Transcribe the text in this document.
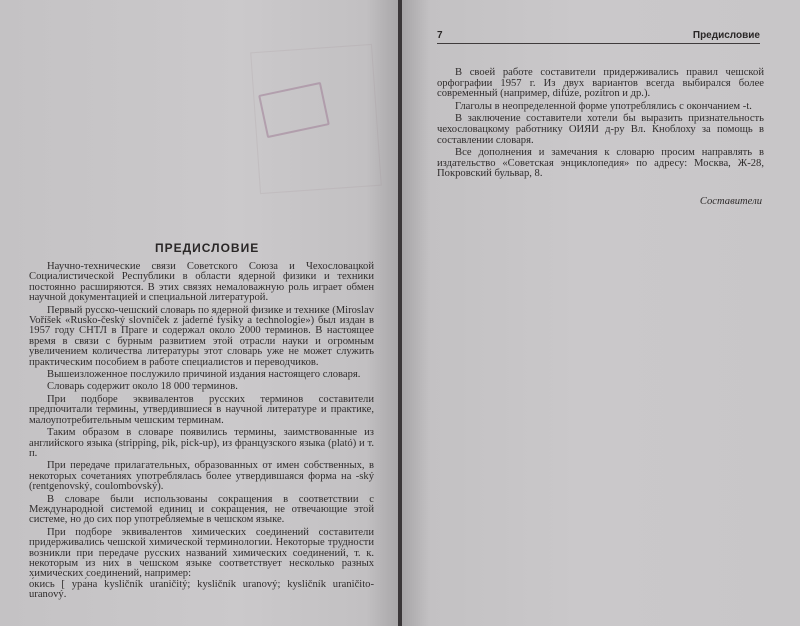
ПРЕДИСЛОВИЕ

Научно-технические связи Советского Союза и Чехословацкой Социалистической Республики в области ядерной физики и техники постоянно расширяются. В этих связях немаловажную роль играет обмен научной документацией и специальной литературой.

Первый русско-чешский словарь по ядерной физике и технике (Miroslav Voříšek «Rusko-český slovníček z jaderné fysiky a technologie») был издан в 1957 году СНТЛ в Праге и содержал около 2000 терминов. В настоящее время в связи с бурным развитием этой отрасли науки и огромным увеличением количества литературы этот словарь уже не может служить практическим пособием в работе специалистов и переводчиков.

Вышеизложенное послужило причиной издания настоящего словаря.

Словарь содержит около 18 000 терминов.

При подборе эквивалентов русских терминов составители предпочитали термины, утвердившиеся в научной литературе и практике, малоупотребительным чешским терминам.

Таким образом в словаре появились термины, заимствованные из английского языка (stripping, pik, pick-up), из французского языка (plató) и т. п.

При передаче прилагательных, образованных от имен собственных, в некоторых сочетаниях употреблялась более утвердившаяся форма на -ský (rentgenovský, coulombovský).

В словаре были использованы сокращения в соответствии с Международной системой единиц и сокращения, не отвечающие этой системе, но до сих пор употребляемые в чешском языке.

При подборе эквивалентов химических соединений составители придерживались чешской химической терминологии. Некоторые трудности возникли при передаче русских названий химических соединений, т. к. некоторым из них в чешском языке соответствует несколько разных химических соединений, например:

о́кись [ ура́на kysličník uraničitý; kysličník uranový; kysličník uraničito-uranový.

7	Предисловие

В своей работе составители придерживались правил чешской орфографии 1957 г. Из двух вариантов всегда выбирался более современный (например, difúze, pozitron и др.).

Глаголы в неопределенной форме употреблялись с окончанием -t.

В заключение составители хотели бы выразить признательность чехословацкому работнику ОИЯИ д-ру Вл. Кноблоху за помощь в составлении словаря.

Все дополнения и замечания к словарю просим направлять в издательство «Советская энциклопедия» по адресу: Москва, Ж-28, Покровский бульвар, 8.

Составители
